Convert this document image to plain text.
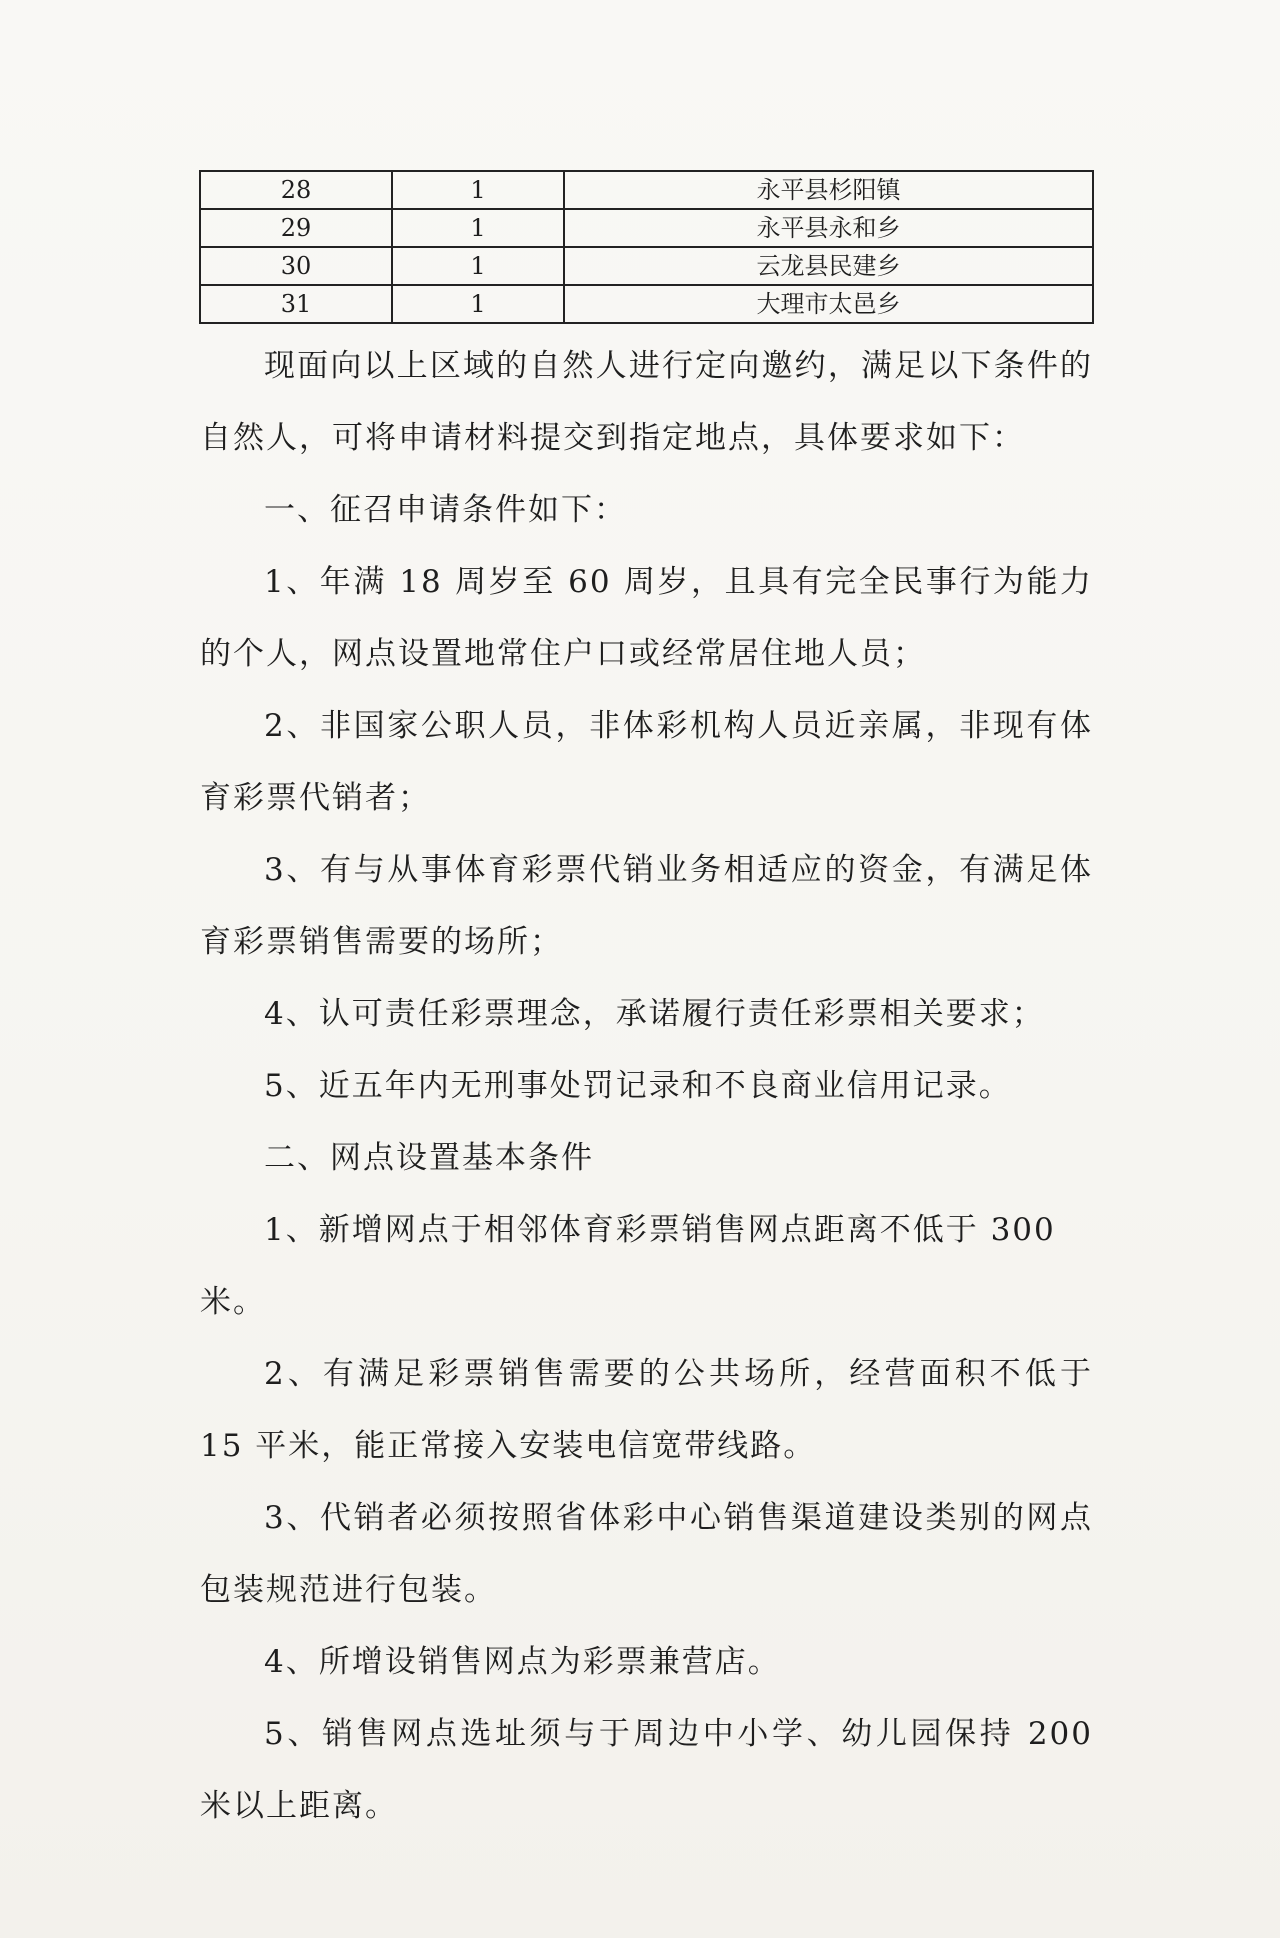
28	1	永平县杉阳镇
29	1	永平县永和乡
30	1	云龙县民建乡
31	1	大理市太邑乡

现面向以上区域的自然人进行定向邀约，满足以下条件的自然人，可将申请材料提交到指定地点，具体要求如下：

一、征召申请条件如下：

1、年满 18 周岁至 60 周岁，且具有完全民事行为能力的个人，网点设置地常住户口或经常居住地人员；

2、非国家公职人员，非体彩机构人员近亲属，非现有体育彩票代销者；

3、有与从事体育彩票代销业务相适应的资金，有满足体育彩票销售需要的场所；

4、认可责任彩票理念，承诺履行责任彩票相关要求；

5、近五年内无刑事处罚记录和不良商业信用记录。

二、网点设置基本条件

1、新增网点于相邻体育彩票销售网点距离不低于 300 米。

2、有满足彩票销售需要的公共场所，经营面积不低于 15 平米，能正常接入安装电信宽带线路。

3、代销者必须按照省体彩中心销售渠道建设类别的网点包装规范进行包装。

4、所增设销售网点为彩票兼营店。

5、销售网点选址须与于周边中小学、幼儿园保持 200 米以上距离。
